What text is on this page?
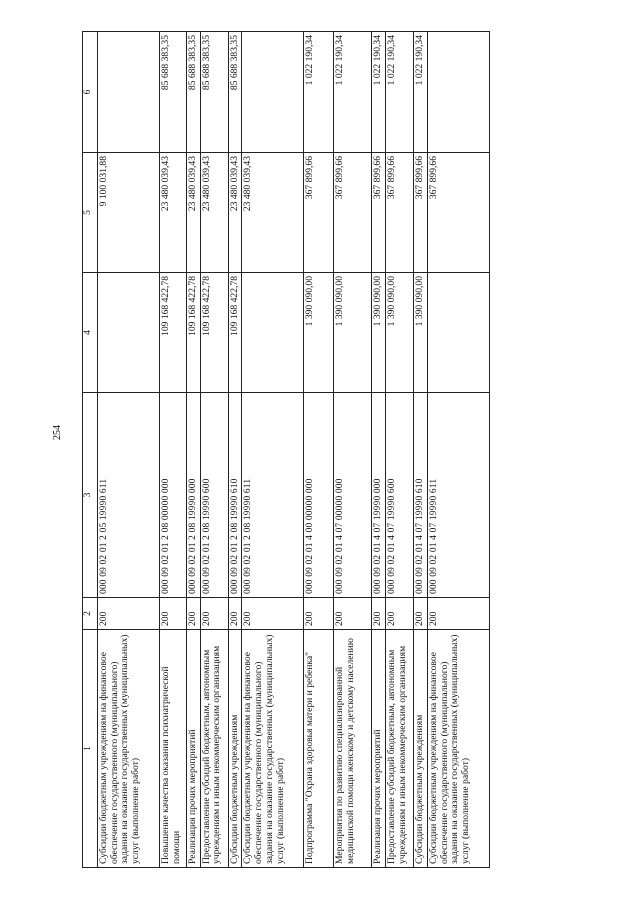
254
1	2	3	4	5	6
Субсидии бюджетным учреждениям на финансовое обеспечение государственного (муниципального) задания на оказание государственных (муниципальных) услуг (выполнение работ)	200	000 09 02 01 2 05 19990 611		9 100 031,88	
Повышение качества оказания психиатрической помощи	200	000 09 02 01 2 08 00000 000	109 168 422,78	23 480 039,43	85 688 383,35
Реализация прочих мероприятий	200	000 09 02 01 2 08 19990 000	109 168 422,78	23 480 039,43	85 688 383,35
Предоставление субсидий бюджетным, автономным учреждениям и иным некоммерческим организациям	200	000 09 02 01 2 08 19990 600	109 168 422,78	23 480 039,43	85 688 383,35
Субсидии бюджетным учреждениям	200	000 09 02 01 2 08 19990 610	109 168 422,78	23 480 039,43	85 688 383,35
Субсидии бюджетным учреждениям на финансовое обеспечение государственного (муниципального) задания на оказание государственных (муниципальных) услуг (выполнение работ)	200	000 09 02 01 2 08 19990 611		23 480 039,43	
Подпрограмма "Охрана здоровья матери и ребенка"	200	000 09 02 01 4 00 00000 000	1 390 090,00	367 899,66	1 022 190,34
Мероприятия по развитию специализированной медицинской помощи женскому и детскому населению	200	000 09 02 01 4 07 00000 000	1 390 090,00	367 899,66	1 022 190,34
Реализация прочих мероприятий	200	000 09 02 01 4 07 19990 000	1 390 090,00	367 899,66	1 022 190,34
Предоставление субсидий бюджетным, автономным учреждениям и иным некоммерческим организациям	200	000 09 02 01 4 07 19990 600	1 390 090,00	367 899,66	1 022 190,34
Субсидии бюджетным учреждениям	200	000 09 02 01 4 07 19990 610	1 390 090,00	367 899,66	1 022 190,34
Субсидии бюджетным учреждениям на финансовое обеспечение государственного (муниципального) задания на оказание государственных (муниципальных) услуг (выполнение работ)	200	000 09 02 01 4 07 19990 611		367 899,66	
